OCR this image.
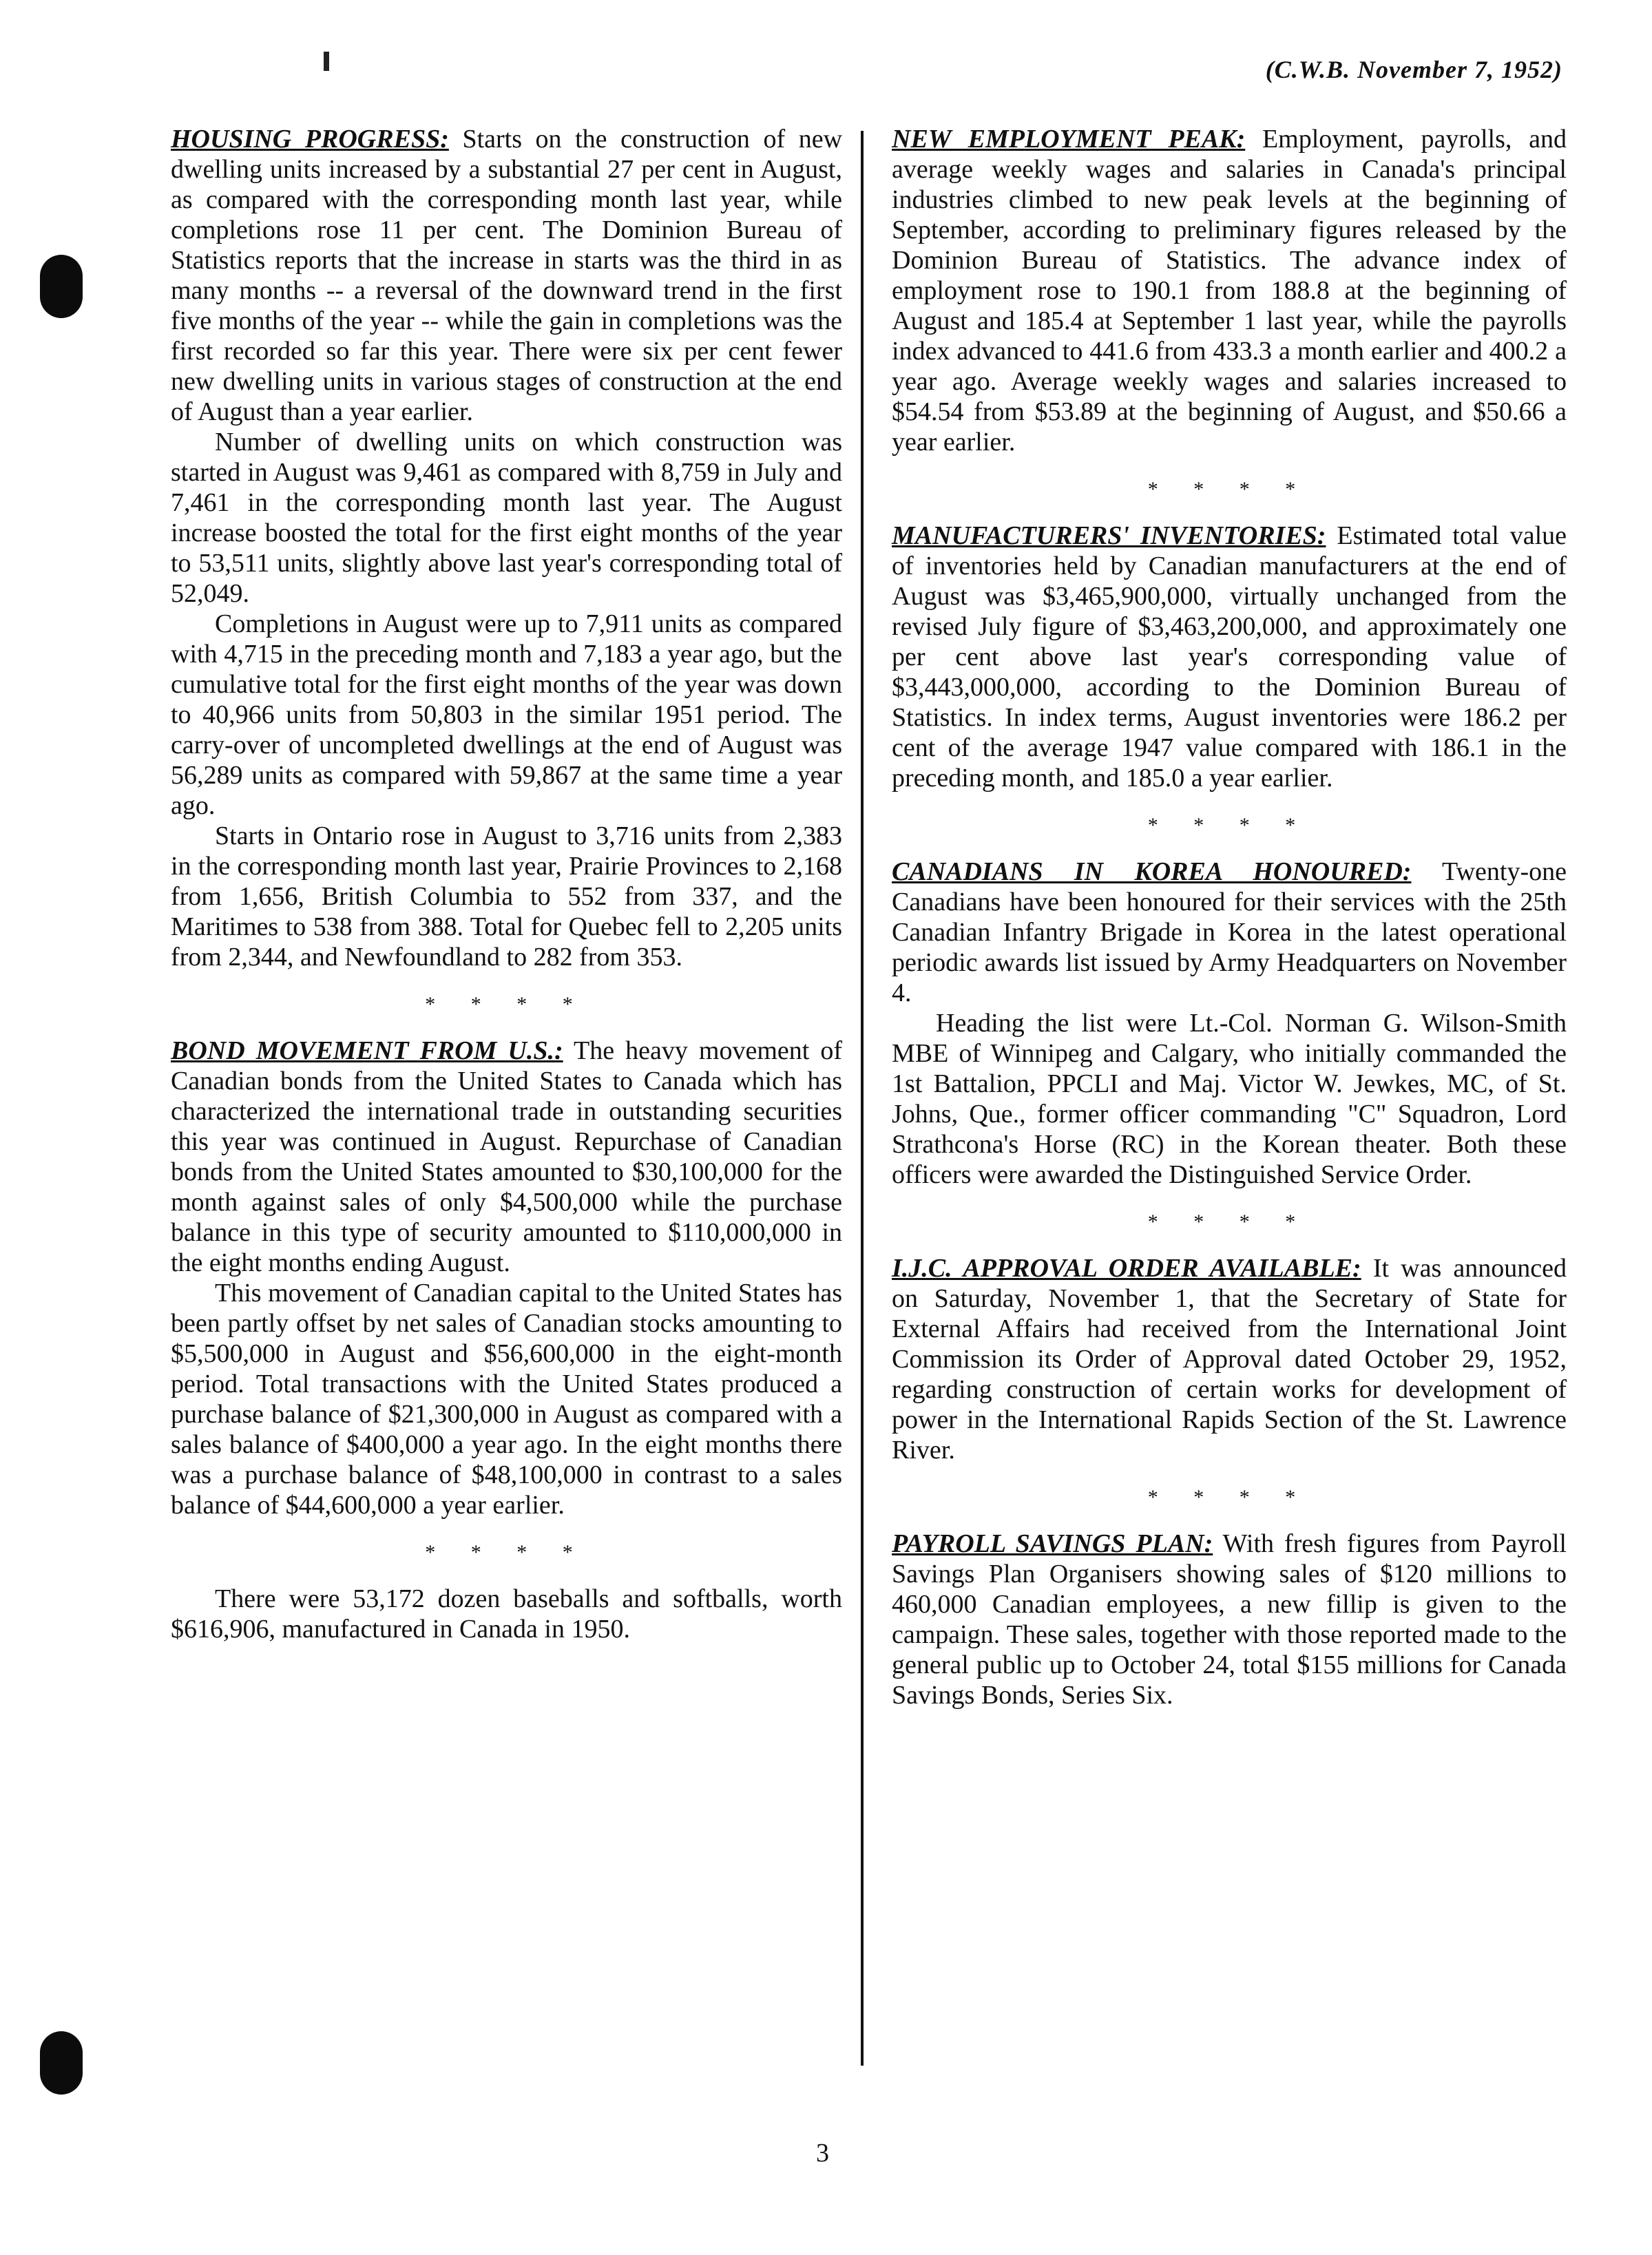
(C.W.B. November 7, 1952)

HOUSING PROGRESS: Starts on the construction of new dwelling units increased by a substantial 27 per cent in August, as compared with the corresponding month last year, while completions rose 11 per cent. The Dominion Bureau of Statistics reports that the increase in starts was the third in as many months -- a reversal of the downward trend in the first five months of the year -- while the gain in completions was the first recorded so far this year. There were six per cent fewer new dwelling units in various stages of construction at the end of August than a year earlier.

Number of dwelling units on which construction was started in August was 9,461 as compared with 8,759 in July and 7,461 in the corresponding month last year. The August increase boosted the total for the first eight months of the year to 53,511 units, slightly above last year's corresponding total of 52,049.

Completions in August were up to 7,911 units as compared with 4,715 in the preceding month and 7,183 a year ago, but the cumulative total for the first eight months of the year was down to 40,966 units from 50,803 in the similar 1951 period. The carry-over of uncompleted dwellings at the end of August was 56,289 units as compared with 59,867 at the same time a year ago.

Starts in Ontario rose in August to 3,716 units from 2,383 in the corresponding month last year, Prairie Provinces to 2,168 from 1,656, British Columbia to 552 from 337, and the Maritimes to 538 from 388. Total for Quebec fell to 2,205 units from 2,344, and Newfoundland to 282 from 353.

* * * *

BOND MOVEMENT FROM U.S.: The heavy movement of Canadian bonds from the United States to Canada which has characterized the international trade in outstanding securities this year was continued in August. Repurchase of Canadian bonds from the United States amounted to $30,100,000 for the month against sales of only $4,500,000 while the purchase balance in this type of security amounted to $110,000,000 in the eight months ending August.

This movement of Canadian capital to the United States has been partly offset by net sales of Canadian stocks amounting to $5,500,000 in August and $56,600,000 in the eight-month period. Total transactions with the United States produced a purchase balance of $21,300,000 in August as compared with a sales balance of $400,000 a year ago. In the eight months there was a purchase balance of $48,100,000 in contrast to a sales balance of $44,600,000 a year earlier.

* * * *

There were 53,172 dozen baseballs and softballs, worth $616,906, manufactured in Canada in 1950.

NEW EMPLOYMENT PEAK: Employment, payrolls, and average weekly wages and salaries in Canada's principal industries climbed to new peak levels at the beginning of September, according to preliminary figures released by the Dominion Bureau of Statistics. The advance index of employment rose to 190.1 from 188.8 at the beginning of August and 185.4 at September 1 last year, while the payrolls index advanced to 441.6 from 433.3 a month earlier and 400.2 a year ago. Average weekly wages and salaries increased to $54.54 from $53.89 at the beginning of August, and $50.66 a year earlier.

* * * *

MANUFACTURERS' INVENTORIES: Estimated total value of inventories held by Canadian manufacturers at the end of August was $3,465,900,000, virtually unchanged from the revised July figure of $3,463,200,000, and approximately one per cent above last year's corresponding value of $3,443,000,000, according to the Dominion Bureau of Statistics. In index terms, August inventories were 186.2 per cent of the average 1947 value compared with 186.1 in the preceding month, and 185.0 a year earlier.

* * * *

CANADIANS IN KOREA HONOURED: Twenty-one Canadians have been honoured for their services with the 25th Canadian Infantry Brigade in Korea in the latest operational periodic awards list issued by Army Headquarters on November 4.

Heading the list were Lt.-Col. Norman G. Wilson-Smith MBE of Winnipeg and Calgary, who initially commanded the 1st Battalion, PPCLI and Maj. Victor W. Jewkes, MC, of St. Johns, Que., former officer commanding "C" Squadron, Lord Strathcona's Horse (RC) in the Korean theater. Both these officers were awarded the Distinguished Service Order.

* * * *

I.J.C. APPROVAL ORDER AVAILABLE: It was announced on Saturday, November 1, that the Secretary of State for External Affairs had received from the International Joint Commission its Order of Approval dated October 29, 1952, regarding construction of certain works for development of power in the International Rapids Section of the St. Lawrence River.

* * * *

PAYROLL SAVINGS PLAN: With fresh figures from Payroll Savings Plan Organisers showing sales of $120 millions to 460,000 Canadian employees, a new fillip is given to the campaign. These sales, together with those reported made to the general public up to October 24, total $155 millions for Canada Savings Bonds, Series Six.

3
